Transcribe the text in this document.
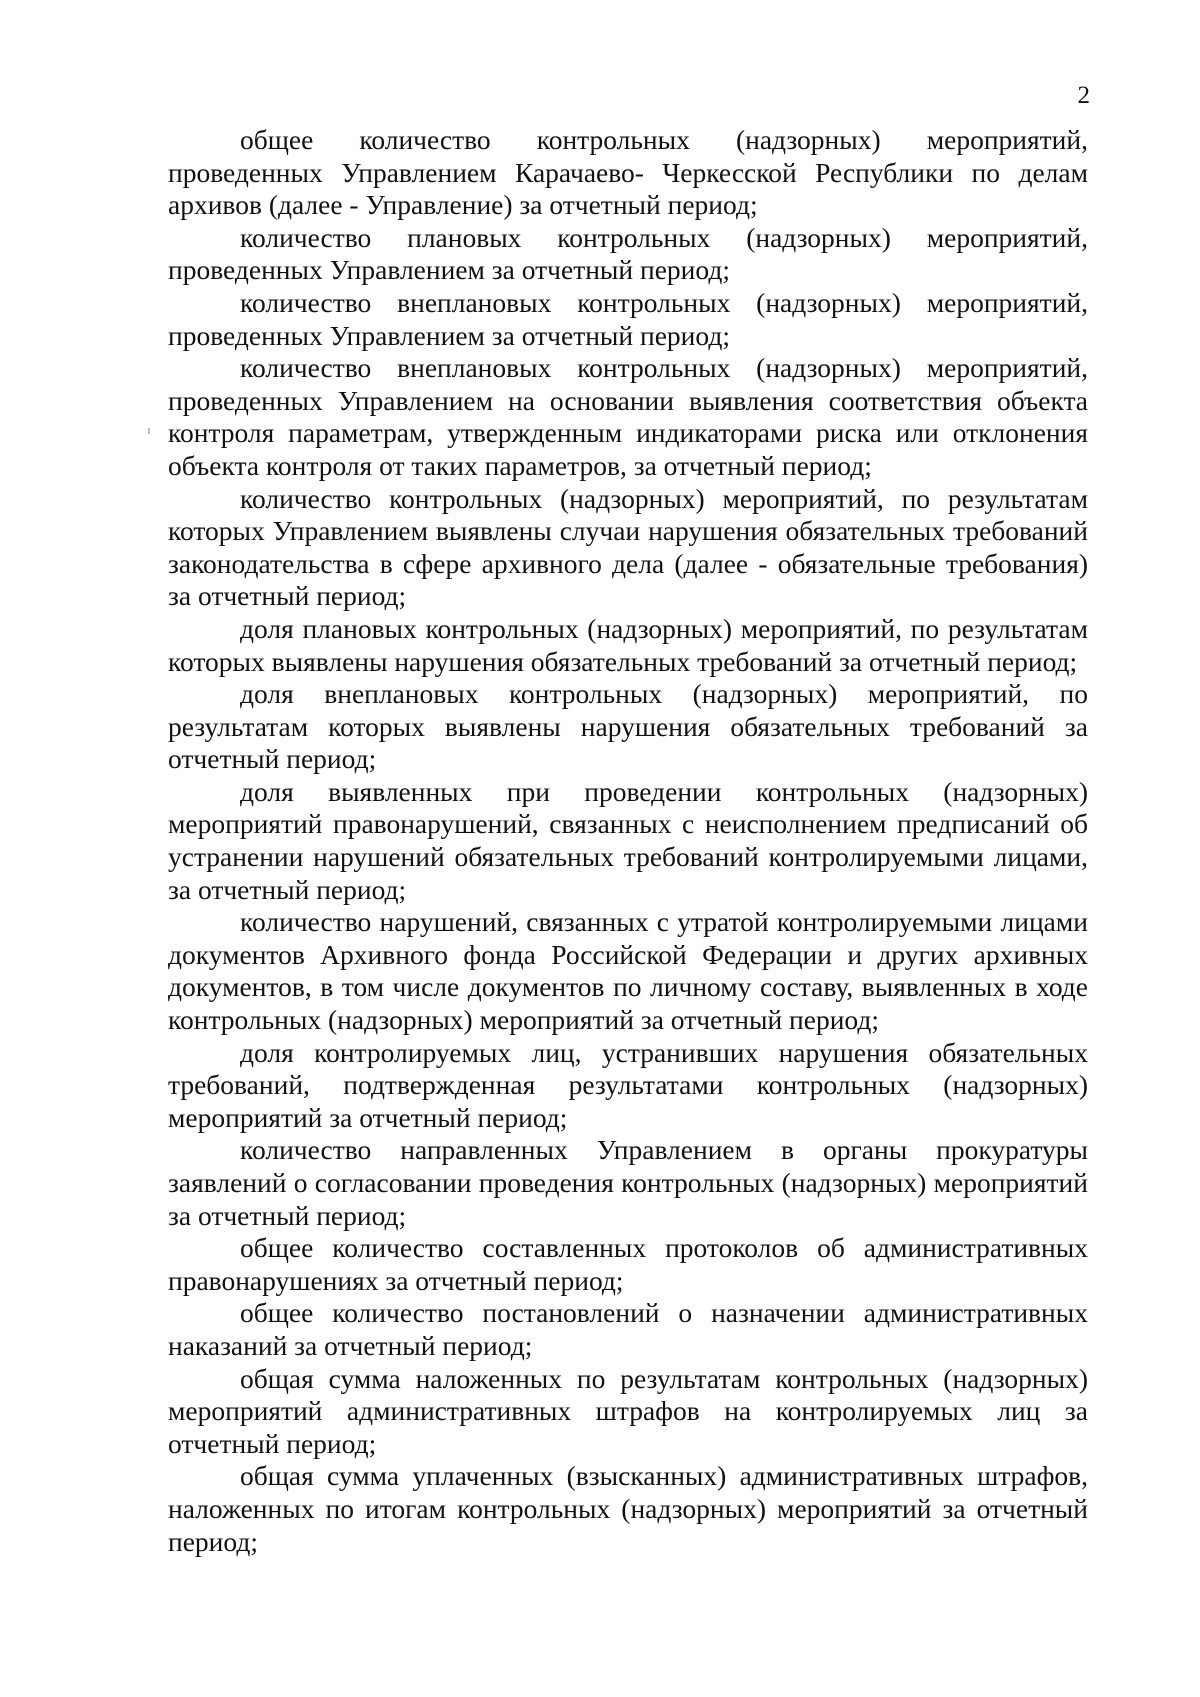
2

общее количество контрольных (надзорных) мероприятий, проведенных Управлением Карачаево- Черкесской Республики по делам архивов (далее - Управление) за отчетный период;

количество плановых контрольных (надзорных) мероприятий, проведенных Управлением за отчетный период;

количество внеплановых контрольных (надзорных) мероприятий, проведенных Управлением за отчетный период;

количество внеплановых контрольных (надзорных) мероприятий, проведенных Управлением на основании выявления соответствия объекта контроля параметрам, утвержденным индикаторами риска или отклонения объекта контроля от таких параметров, за отчетный период;

количество контрольных (надзорных) мероприятий, по результатам которых Управлением выявлены случаи нарушения обязательных требований законодательства в сфере архивного дела (далее - обязательные требования) за отчетный период;

доля плановых контрольных (надзорных) мероприятий, по результатам которых выявлены нарушения обязательных требований за отчетный период;

доля внеплановых контрольных (надзорных) мероприятий, по результатам которых выявлены нарушения обязательных требований за отчетный период;

доля выявленных при проведении контрольных (надзорных) мероприятий правонарушений, связанных с неисполнением предписаний об устранении нарушений обязательных требований контролируемыми лицами, за отчетный период;

количество нарушений, связанных с утратой контролируемыми лицами документов Архивного фонда Российской Федерации и других архивных документов, в том числе документов по личному составу, выявленных в ходе контрольных (надзорных) мероприятий за отчетный период;

доля контролируемых лиц, устранивших нарушения обязательных требований, подтвержденная результатами контрольных (надзорных) мероприятий за отчетный период;

количество направленных Управлением в органы прокуратуры заявлений о согласовании проведения контрольных (надзорных) мероприятий за отчетный период;

общее количество составленных протоколов об административных правонарушениях за отчетный период;

общее количество постановлений о назначении административных наказаний за отчетный период;

общая сумма наложенных по результатам контрольных (надзорных) мероприятий административных штрафов на контролируемых лиц за отчетный период;

общая сумма уплаченных (взысканных) административных штрафов, наложенных по итогам контрольных (надзорных) мероприятий за отчетный период;
